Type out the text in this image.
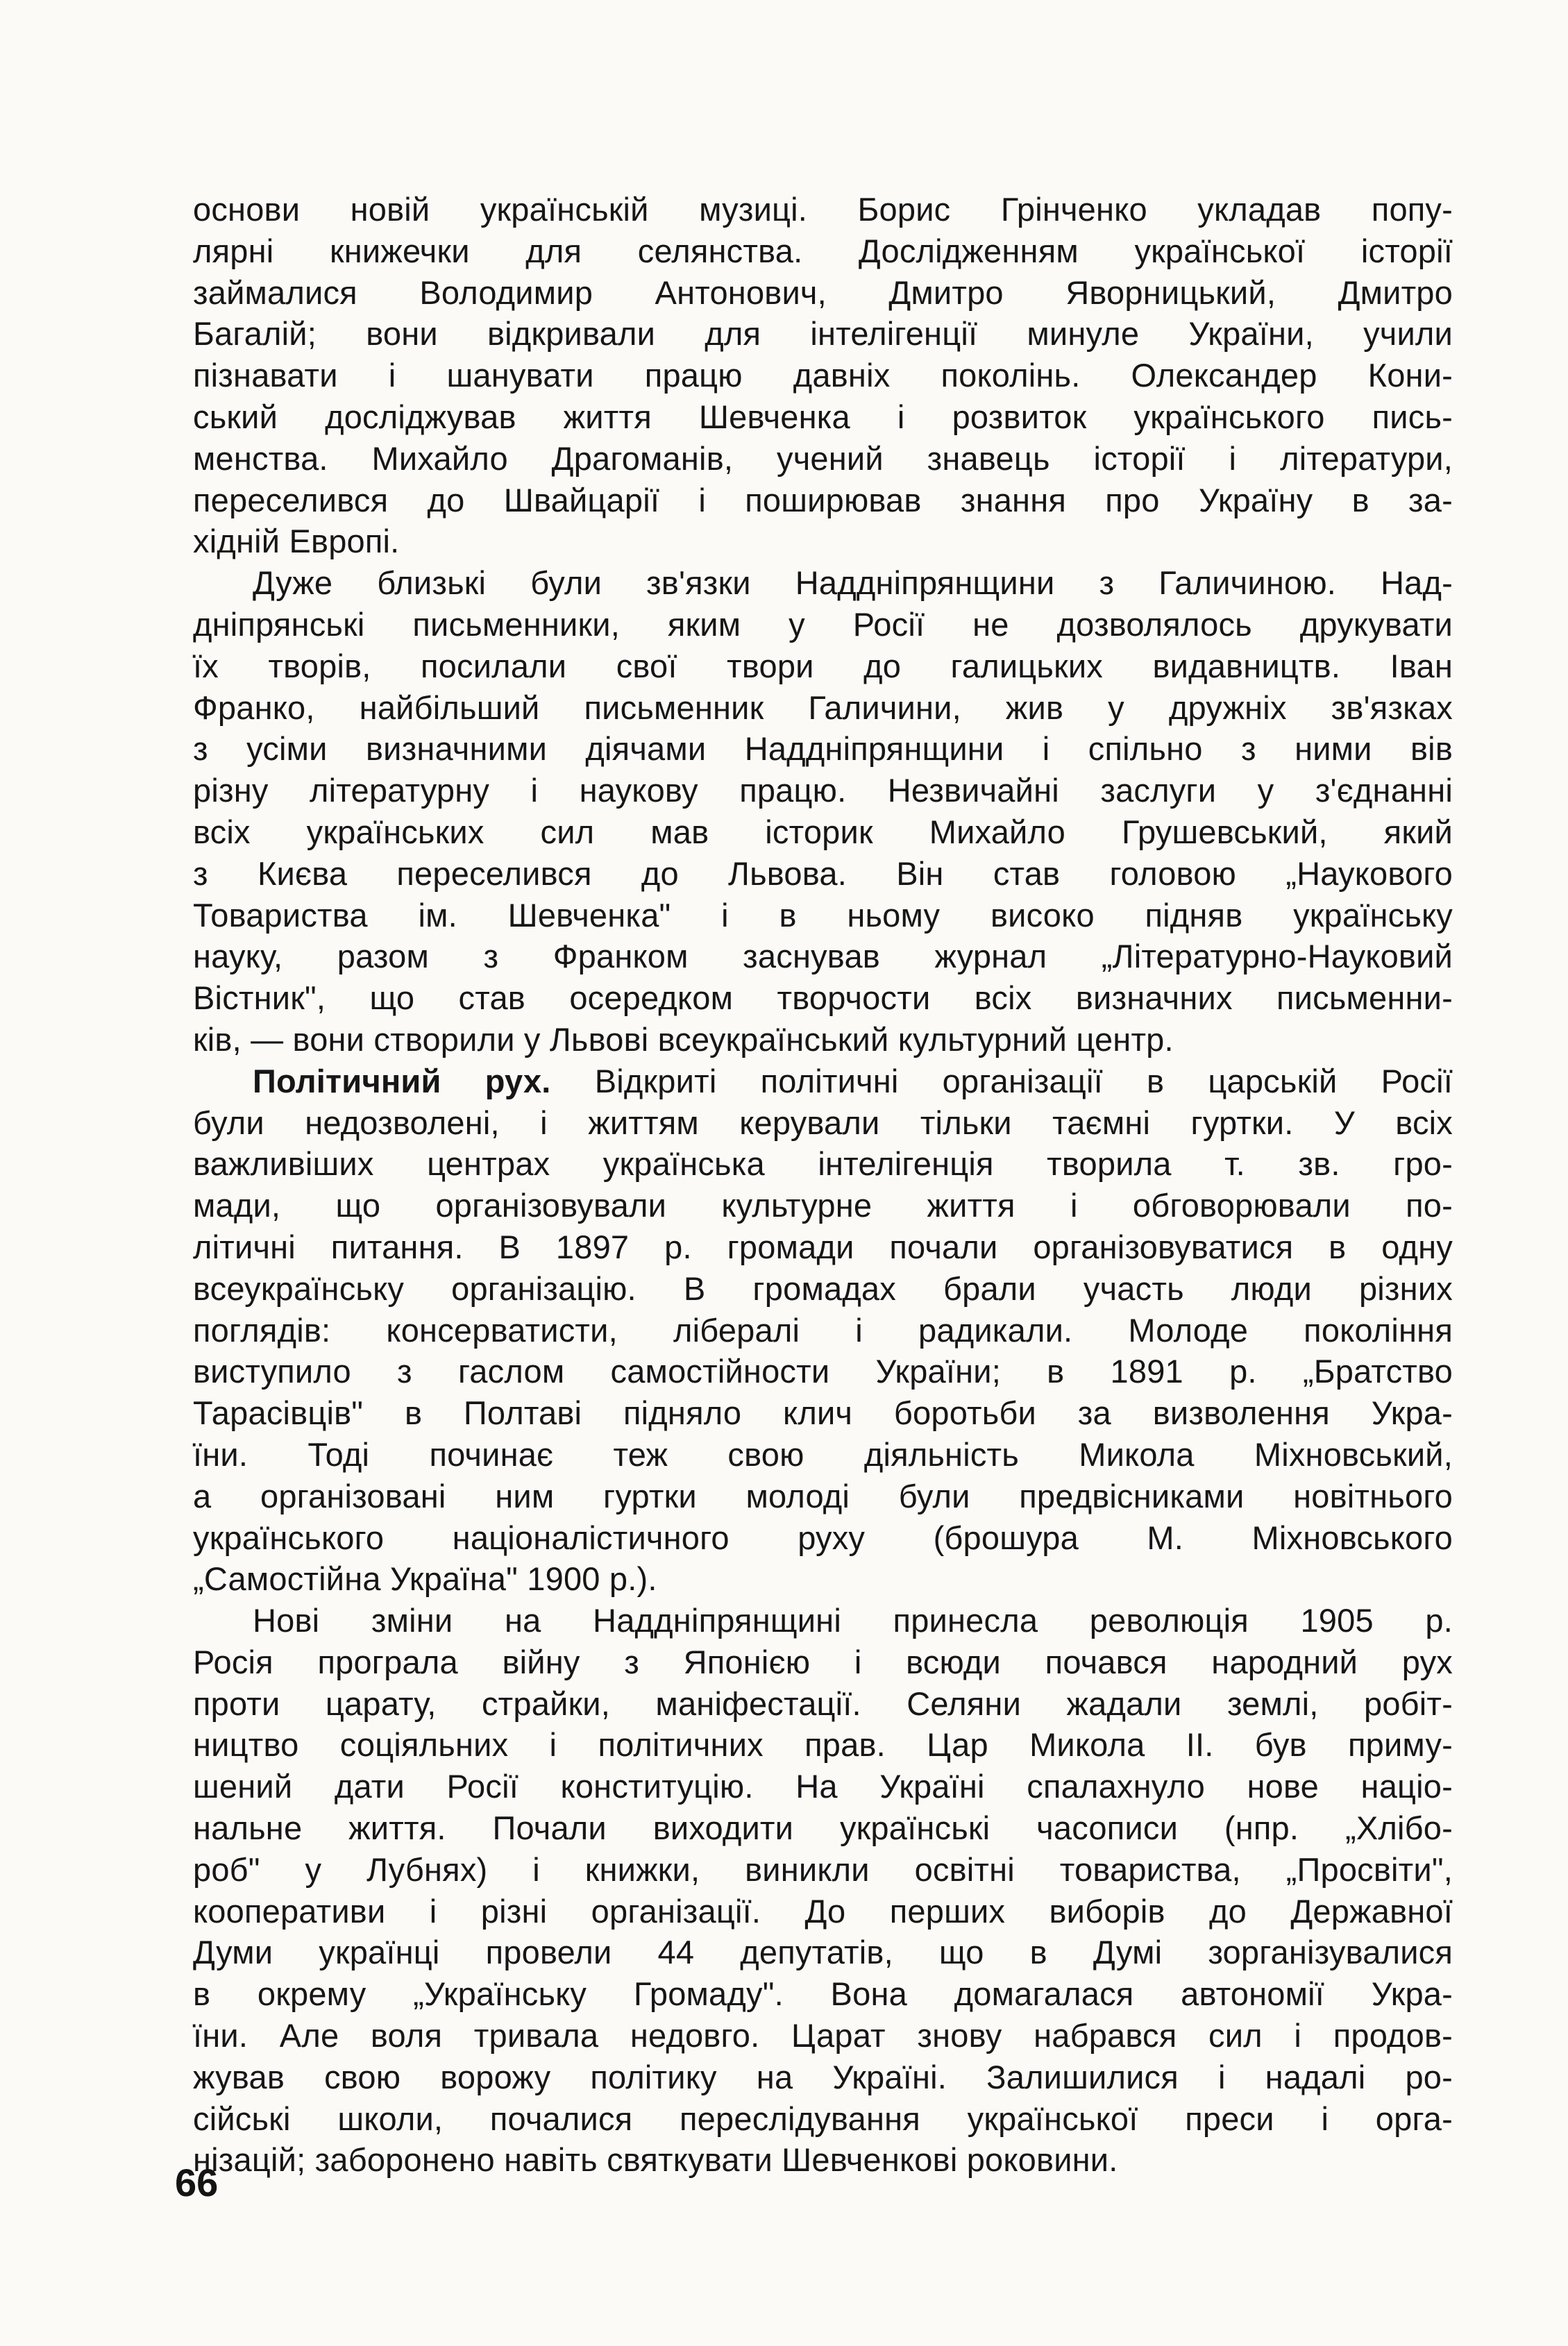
основи новій українській музиці. Борис Грінченко укладав попу-
лярні книжечки для селянства. Дослідженням української історії
займалися Володимир Антонович, Дмитро Яворницький, Дмитро
Багалій; вони відкривали для інтелігенції минуле України, учили
пізнавати і шанувати працю давніх поколінь. Олександер Кони-
ський досліджував життя Шевченка і розвиток українського пись-
менства. Михайло Драгоманів, учений знавець історії і літератури,
переселився до Швайцарії і поширював знання про Україну в за-
хідній Европі.
Дуже близькі були зв'язки Наддніпрянщини з Галичиною. Над-
дніпрянські письменники, яким у Росії не дозволялось друкувати
їх творів, посилали свої твори до галицьких видавництв. Іван
Франко, найбільший письменник Галичини, жив у дружніх зв'язках
з усіми визначними діячами Наддніпрянщини і спільно з ними вів
різну літературну і наукову працю. Незвичайні заслуги у з'єднанні
всіх українських сил мав історик Михайло Грушевський, який
з Києва переселився до Львова. Він став головою „Наукового
Товариства ім. Шевченка" і в ньому високо підняв українську
науку, разом з Франком заснував журнал „Літературно-Науковий
Вістник", що став осередком творчости всіх визначних письменни-
ків, — вони створили у Львові всеукраїнський культурний центр.
Політичний рух. Відкриті політичні організації в царській Росії
були недозволені, і життям керували тільки таємні гуртки. У всіх
важливіших центрах українська інтелігенція творила т. зв. гро-
мади, що організовували культурне життя і обговорювали по-
літичні питання. В 1897 р. громади почали організовуватися в одну
всеукраїнську організацію. В громадах брали участь люди різних
поглядів: консерватисти, лібералі і радикали. Молоде покоління
виступило з гаслом самостійности України; в 1891 р. „Братство
Тарасівців" в Полтаві підняло клич боротьби за визволення Укра-
їни. Тоді починає теж свою діяльність Микола Міхновський,
а організовані ним гуртки молоді були предвісниками новітнього
українського націоналістичного руху (брошура М. Міхновського
„Самостійна Україна" 1900 р.).
Нові зміни на Наддніпрянщині принесла революція 1905 р.
Росія програла війну з Японією і всюди почався народний рух
проти царату, страйки, маніфестації. Селяни жадали землі, робіт-
ництво соціяльних і політичних прав. Цар Микола II. був приму-
шений дати Росії конституцію. На Україні спалахнуло нове націо-
нальне життя. Почали виходити українські часописи (нпр. „Хлібо-
роб" у Лубнях) і книжки, виникли освітні товариства, „Просвіти",
кооперативи і різні організації. До перших виборів до Державної
Думи українці провели 44 депутатів, що в Думі зорганізувалися
в окрему „Українську Громаду". Вона домагалася автономії Укра-
їни. Але воля тривала недовго. Царат знову набрався сил і продов-
жував свою ворожу політику на Україні. Залишилися і надалі ро-
сійські школи, почалися переслідування української преси і орга-
нізацій; заборонено навіть святкувати Шевченкові роковини.
66
